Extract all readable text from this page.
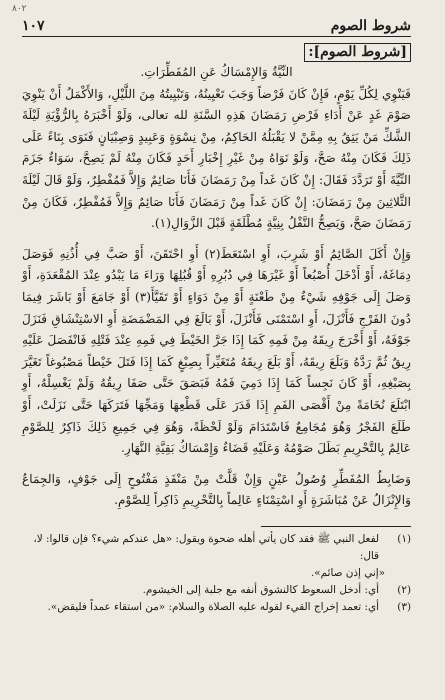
٨٠٢
شروط الصوم
١٠٧
[شروط الصوم]:

النِّيَّةُ وَالإِمْسَاكُ عَنِ المُفَطِّرَاتِ.

فَيَنْوِي لِكُلِّ يَوْمٍ، فَإِنْ كَانَ فَرْضاً وَجَبَ تَعْيِينُهُ، وَتَبْيِيتُهُ مِنَ اللَّيْلِ، وَالأَكْمَلُ أَنْ يَنْوِيَ صَوْمَ غَدٍ عَنْ أَدَاءِ فَرْضِ رَمَضَانَ هَذِهِ السَّنَةِ لله تعالى، وَلَوْ أَخْبَرَهُ بِالرُّؤْيَةِ لَيْلَةَ الشَّكِّ مَنْ يَثِقُ بِهِ مِمَّنْ لا يَقْبَلُهُ الحَاكِمُ، مِنْ نِسْوَةٍ وَعَبِيدٍ وَصِبْيَانٍ فَنَوَى بِنَاءً عَلَى ذَلِكَ فَكَانَ مِنْهُ صَحَّ، وَلَوْ نَوَاهُ مِنْ غَيْرِ إِخْبَارِ أَحَدٍ فَكَانَ مِنْهُ لَمْ يَصِحَّ، سَوَاءٌ جَزَمَ النِّيَّةَ أَوْ تَرَدَّدَ فَقَالَ: إِنْ كَانَ غَداً مِنْ رَمَضَانَ فَأَنَا صَائِمٌ وَإِلاَّ فَمُفْطِرٌ، وَلَوْ قَالَ لَيْلَةَ الثَّلاثِينَ مِنْ رَمَضَانَ: إِنْ كَانَ غَداً مِنْ رَمَضَانَ فَأَنَا صَائِمٌ وَإِلاَّ فَمُفْطِرٌ، فَكَانَ مِنْ رَمَضَانَ صَحَّ، وَيَصِحُّ النَّفْلُ بِنِيَّةٍ مُطْلَقَةٍ قَبْلَ الزَّوَالِ(١).

وَإِنْ أَكَلَ الصَّائِمُ أَوْ شَرِبَ، أَوِ اسْتَعَطَ(٢) أَوِ احْتَقَنَ، أَوْ صَبَّ فِي أُذُنِهِ فَوَصَلَ دِمَاغَهُ، أَوْ أَدْخَلَ أُصْبُعاً أَوْ غَيْرَهَا فِي دُبُرِهِ أَوْ قُبُلِهَا وَرَاءَ مَا يَبْدُو عِنْدَ المُقْعَدَةِ، أَوْ وَصَلَ إِلَى جَوْفِهِ شَيْءٌ مِنْ طَعْنَةٍ أَوْ مِنْ دَوَاءٍ أَوْ تَقَيَّأَ(٣) أَوْ جَامَعَ أَوْ بَاشَرَ فِيمَا دُونَ الفَرْجِ فَأَنْزَلَ، أَوِ اسْتَمْنَى فَأَنْزَلَ، أَوْ بَالَغَ فِي المَضْمَضَةِ أَوِ الاسْتِنْشَاقِ فَنَزَلَ جَوْفَهُ، أَوْ أَخْرَجَ رِيقَهُ مِنْ فَمِهِ كَمَا إِذَا جَرَّ الخَيْطَ فِي فَمِهِ عِنْدَ فَتْلِهِ فَانْفَصَلَ عَلَيْهِ رِيقٌ ثُمَّ رَدَّهُ وَبَلَعَ رِيقَهُ، أَوْ بَلَعَ رِيقَهُ مُتَغَيِّراً بِصِبْغٍ كَمَا إِذَا فَتَلَ خَيْطاً مَصْبُوغاً تَغَيَّرَ بِصَبْغِهِ، أَوْ كَانَ نَجِساً كَمَا إِذَا دَمِيَ فَمُهُ فَبَصَقَ حَتَّى صَفَا رِيقُهُ وَلَمْ يَغْسِلْهُ، أَوِ ابْتَلَعَ نُخَامَةً مِنْ أَقْصَى الفَمِ إِذَا قَدَرَ عَلَى قَطْعِهَا وَمَجِّهَا فَتَرَكَهَا حَتَّى نَزَلَتْ، أَوْ طَلَعَ الفَجْرُ وَهُوَ مُجَامِعٌ فَاسْتَدَامَ وَلَوْ لَحْظَةً، وَهُوَ فِي جَمِيعِ ذَلِكَ ذَاكِرٌ لِلصَّوْمِ عَالِمٌ بِالتَّحْرِيمِ بَطَلَ صَوْمُهُ وَعَلَيْهِ قَضَاءٌ وَإِمْسَاكُ بَقِيَّةِ النَّهَارِ.

وَضَابِطُ المُفَطِّرِ وُصُولُ عَيْنٍ وَإِنْ قَلَّتْ مِنْ مَنْفَذٍ مَفْتُوحٍ إِلَى جَوْفٍ، وَالجِمَاعُ وَالإِنْزَالُ عَنْ مُبَاشَرَةٍ أَوِ اسْتِمْنَاءٍ عَالِماً بِالتَّحْرِيمِ ذَاكِراً لِلصَّوْمِ.

(١)
لفعل النبي ﷺ فقد كان يأتي أهله ضحوة ويقول: «هل عندكم شيء؟ فإن قالوا: لا، قال:
«إني إذن صائم».
(٢)
أي: أدخل السعوط كالنشوق أنفه مع جلبة إلى الخيشوم.
(٣)
أي: تعمد إخراج القيء لقوله عليه الصلاة والسلام: «من استقاء عمداً فليقض».
